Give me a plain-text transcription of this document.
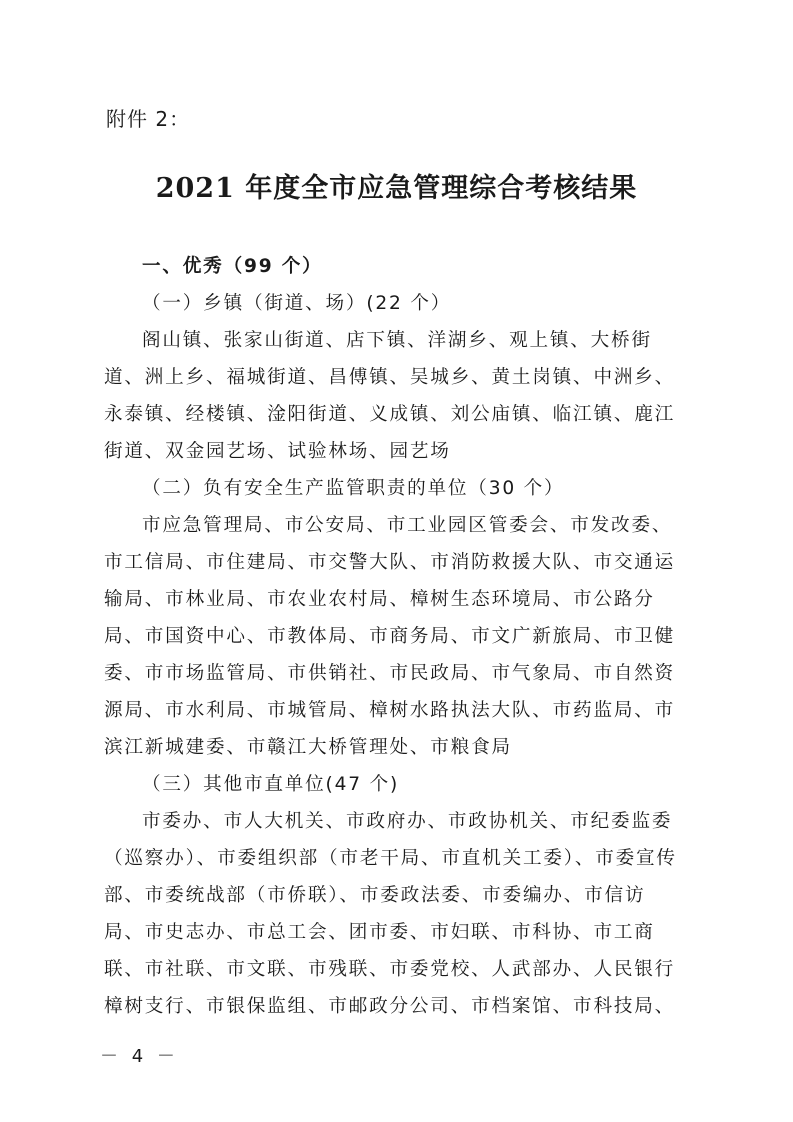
附件 2：
2021 年度全市应急管理综合考核结果
一、优秀（99 个）
（一）乡镇（街道、场）(22 个）
阁山镇、张家山街道、店下镇、洋湖乡、观上镇、大桥街
道、洲上乡、福城街道、昌傅镇、吴城乡、黄土岗镇、中洲乡、
永泰镇、经楼镇、淦阳街道、义成镇、刘公庙镇、临江镇、鹿江
街道、双金园艺场、试验林场、园艺场
（二）负有安全生产监管职责的单位（30 个）
市应急管理局、市公安局、市工业园区管委会、市发改委、
市工信局、市住建局、市交警大队、市消防救援大队、市交通运
输局、市林业局、市农业农村局、樟树生态环境局、市公路分
局、市国资中心、市教体局、市商务局、市文广新旅局、市卫健
委、市市场监管局、市供销社、市民政局、市气象局、市自然资
源局、市水利局、市城管局、樟树水路执法大队、市药监局、市
滨江新城建委、市赣江大桥管理处、市粮食局
（三）其他市直单位(47 个)
市委办、市人大机关、市政府办、市政协机关、市纪委监委
（巡察办）、市委组织部（市老干局、市直机关工委）、市委宣传
部、市委统战部（市侨联）、市委政法委、市委编办、市信访
局、市史志办、市总工会、团市委、市妇联、市科协、市工商
联、市社联、市文联、市残联、市委党校、人武部办、人民银行
樟树支行、市银保监组、市邮政分公司、市档案馆、市科技局、
－ 4 －
